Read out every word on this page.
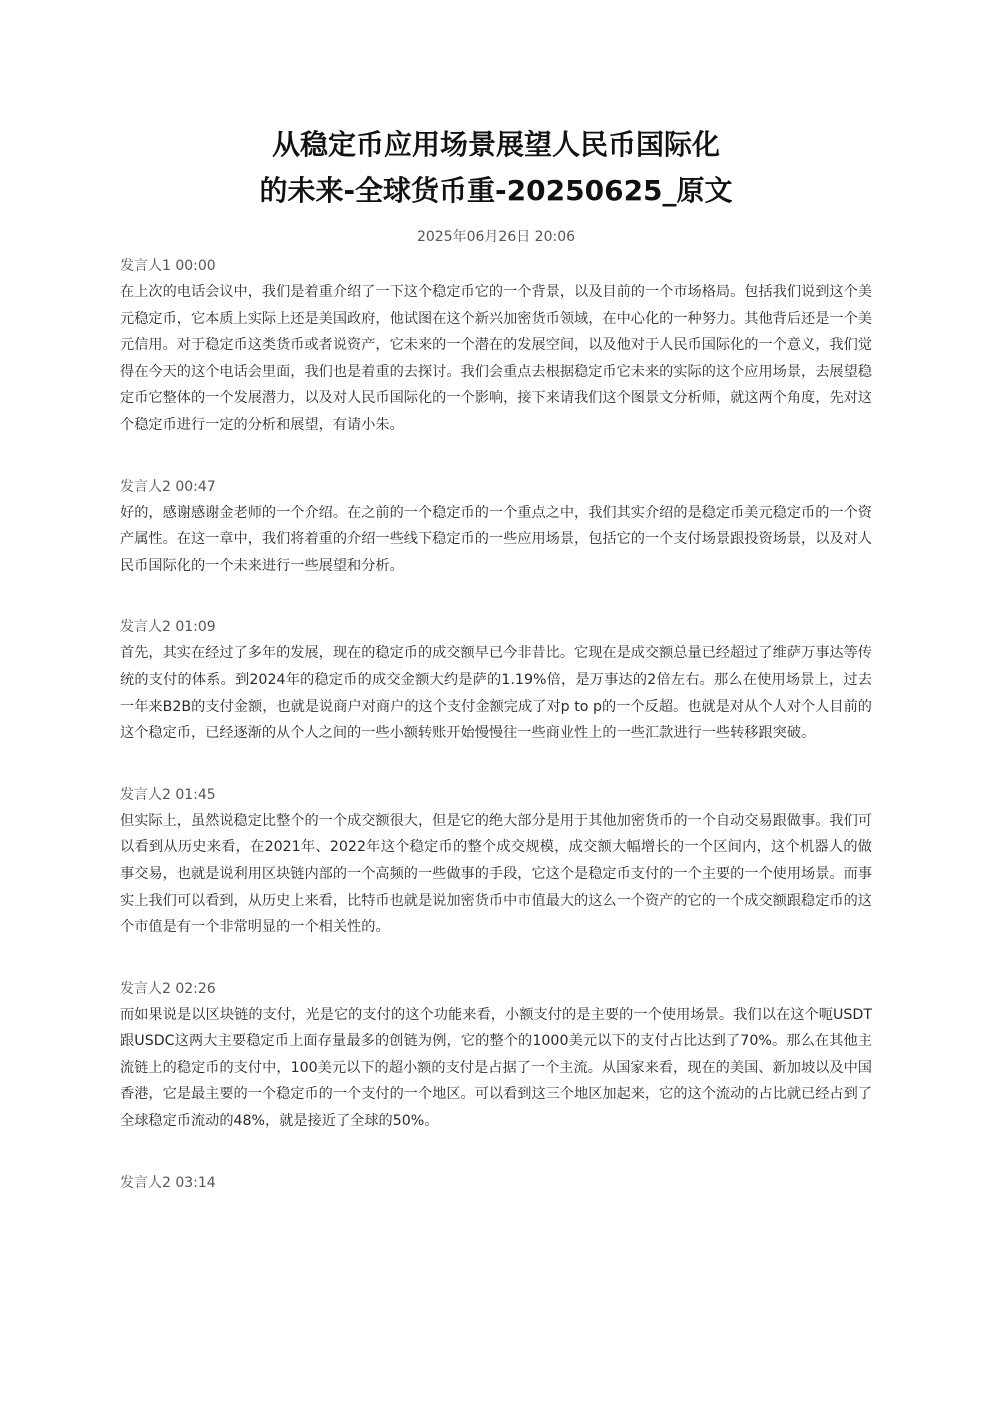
从稳定币应用场景展望人民币国际化
的未来-全球货币重-20250625_原文
2025年06月26日 20:06
发言人1 00:00

在上次的电话会议中，我们是着重介绍了一下这个稳定币它的一个背景，以及目前的一个市场格局。包括我们说到这个美元稳定币，它本质上实际上还是美国政府，他试图在这个新兴加密货币领域，在中心化的一种努力。其他背后还是一个美元信用。对于稳定币这类货币或者说资产，它未来的一个潜在的发展空间，以及他对于人民币国际化的一个意义，我们觉得在今天的这个电话会里面，我们也是着重的去探讨。我们会重点去根据稳定币它未来的实际的这个应用场景，去展望稳定币它整体的一个发展潜力，以及对人民币国际化的一个影响，接下来请我们这个图景文分析师，就这两个角度，先对这个稳定币进行一定的分析和展望，有请小朱。

发言人2 00:47

好的，感谢感谢金老师的一个介绍。在之前的一个稳定币的一个重点之中，我们其实介绍的是稳定币美元稳定币的一个资产属性。在这一章中，我们将着重的介绍一些线下稳定币的一些应用场景，包括它的一个支付场景跟投资场景，以及对人民币国际化的一个未来进行一些展望和分析。

发言人2 01:09

首先，其实在经过了多年的发展，现在的稳定币的成交额早已今非昔比。它现在是成交额总量已经超过了维萨万事达等传统的支付的体系。到2024年的稳定币的成交金额大约是萨的1.19%倍，是万事达的2倍左右。那么在使用场景上，过去一年来B2B的支付金额，也就是说商户对商户的这个支付金额完成了对p to p的一个反超。也就是对从个人对个人目前的这个稳定币，已经逐渐的从个人之间的一些小额转账开始慢慢往一些商业性上的一些汇款进行一些转移跟突破。

发言人2 01:45

但实际上，虽然说稳定比整个的一个成交额很大，但是它的绝大部分是用于其他加密货币的一个自动交易跟做事。我们可以看到从历史来看，在2021年、2022年这个稳定币的整个成交规模，成交额大幅增长的一个区间内，这个机器人的做事交易，也就是说利用区块链内部的一个高频的一些做事的手段，它这个是稳定币支付的一个主要的一个使用场景。而事实上我们可以看到，从历史上来看，比特币也就是说加密货币中市值最大的这么一个资产的它的一个成交额跟稳定币的这个市值是有一个非常明显的一个相关性的。

发言人2 02:26

而如果说是以区块链的支付，光是它的支付的这个功能来看，小额支付的是主要的一个使用场景。我们以在这个呃USDT跟USDC这两大主要稳定币上面存量最多的创链为例，它的整个的1000美元以下的支付占比达到了70%。那么在其他主流链上的稳定币的支付中，100美元以下的超小额的支付是占据了一个主流。从国家来看，现在的美国、新加坡以及中国香港，它是最主要的一个稳定币的一个支付的一个地区。可以看到这三个地区加起来，它的这个流动的占比就已经占到了全球稳定币流动的48%，就是接近了全球的50%。

发言人2 03:14
